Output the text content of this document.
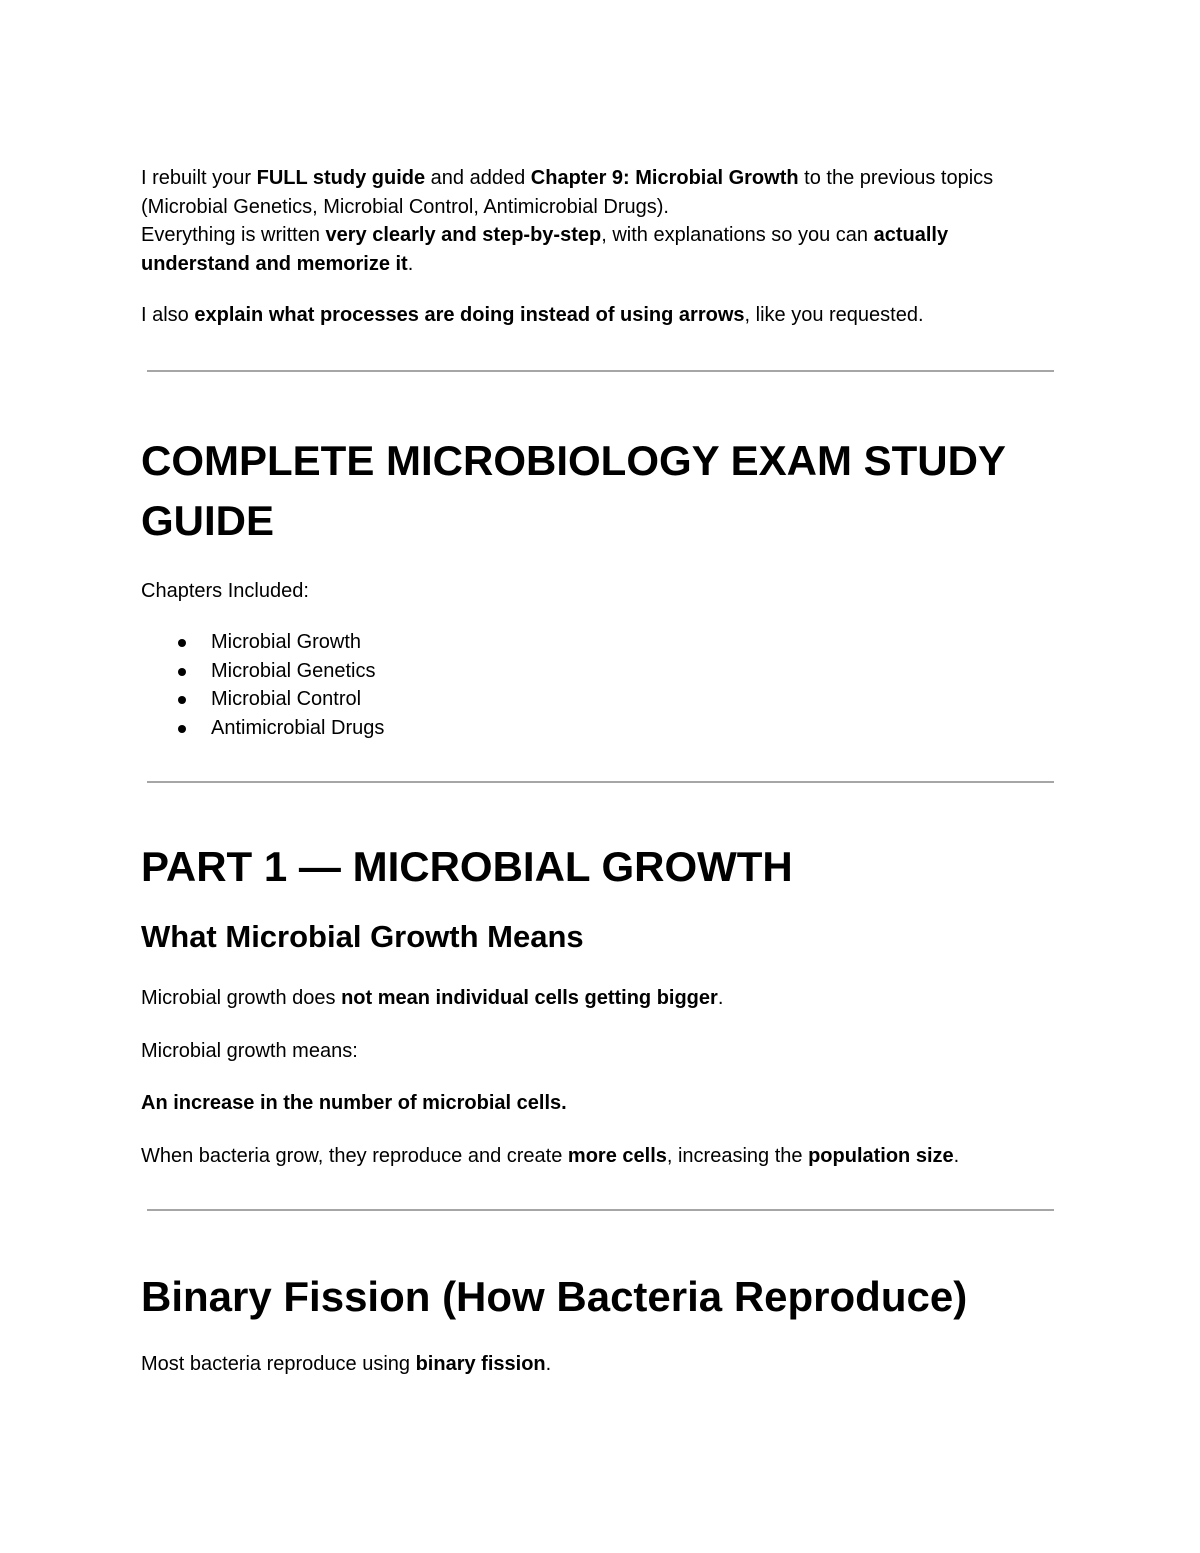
I rebuilt your FULL study guide and added Chapter 9: Microbial Growth to the previous topics (Microbial Genetics, Microbial Control, Antimicrobial Drugs).
Everything is written very clearly and step-by-step, with explanations so you can actually understand and memorize it.

I also explain what processes are doing instead of using arrows, like you requested.

COMPLETE MICROBIOLOGY EXAM STUDY GUIDE

Chapters Included:

Microbial Growth
Microbial Genetics
Microbial Control
Antimicrobial Drugs
PART 1 — MICROBIAL GROWTH
What Microbial Growth Means

Microbial growth does not mean individual cells getting bigger.

Microbial growth means:

An increase in the number of microbial cells.

When bacteria grow, they reproduce and create more cells, increasing the population size.

Binary Fission (How Bacteria Reproduce)

Most bacteria reproduce using binary fission.
